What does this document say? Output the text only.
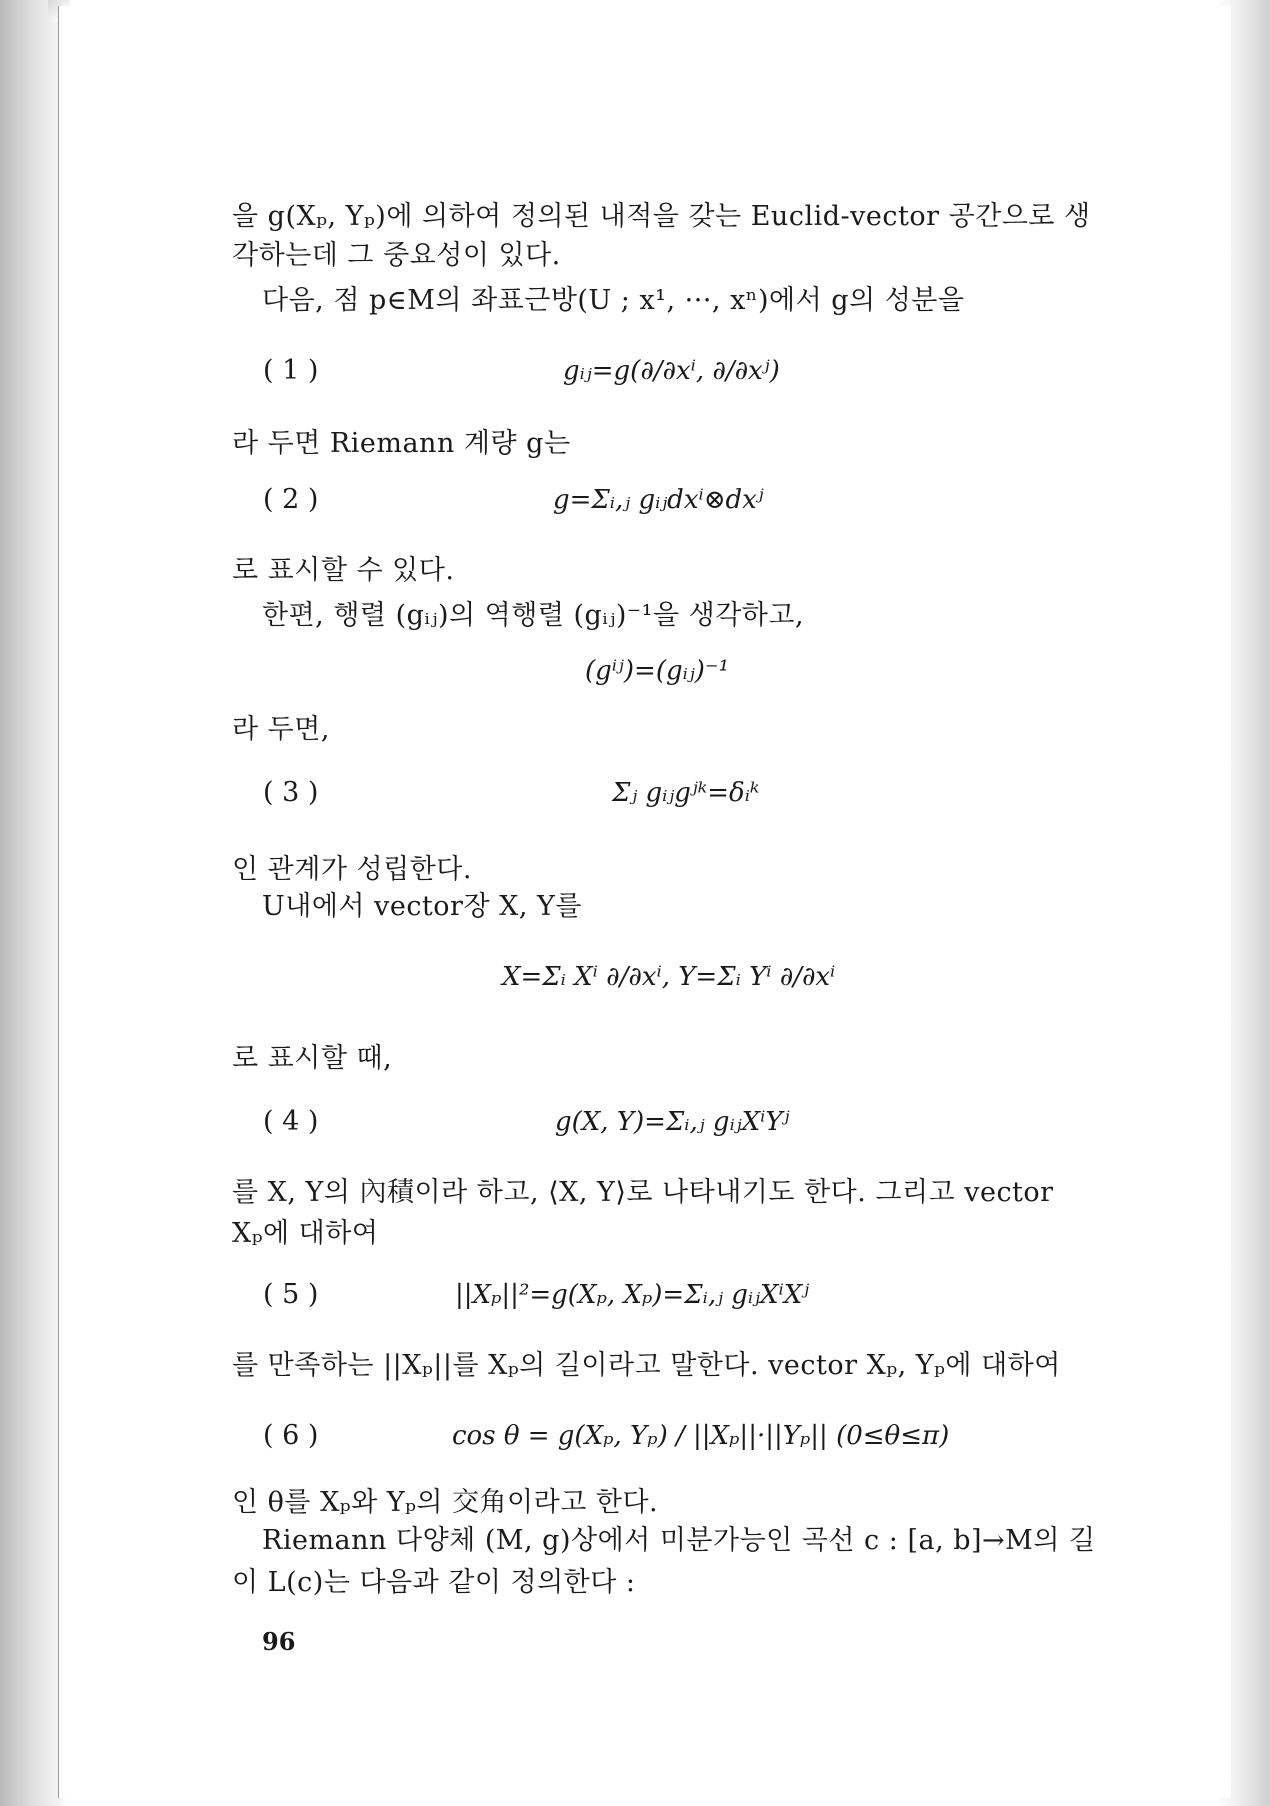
을 g(Xₚ, Yₚ)에 의하여 정의된 내적을 갖는 Euclid-vector 공간으로 생
각하는데 그 중요성이 있다.
다음, 점 p∈M의 좌표근방(U ; x¹, ···, xⁿ)에서 g의 성분을
( 1 )	gᵢⱼ=g(∂/∂xⁱ, ∂/∂xʲ)
라 두면 Riemann 계량 g는
( 2 )	g=Σᵢ,ⱼ gᵢⱼdxⁱ⊗dxʲ
로 표시할 수 있다.
한편, 행렬 (gᵢⱼ)의 역행렬 (gᵢⱼ)⁻¹을 생각하고,
(gⁱʲ)=(gᵢⱼ)⁻¹
라 두면,
( 3 )	Σⱼ gᵢⱼgʲᵏ=δᵢᵏ
인 관계가 성립한다.
U내에서 vector장 X, Y를
X=Σᵢ Xⁱ ∂/∂xⁱ, Y=Σᵢ Yⁱ ∂/∂xⁱ
로 표시할 때,
( 4 )	g(X, Y)=Σᵢ,ⱼ gᵢⱼXⁱYʲ
를 X, Y의 內積이라 하고, ⟨X, Y⟩로 나타내기도 한다. 그리고 vector
Xₚ에 대하여
( 5 )	||Xₚ||²=g(Xₚ, Xₚ)=Σᵢ,ⱼ gᵢⱼXⁱXʲ
를 만족하는 ||Xₚ||를 Xₚ의 길이라고 말한다. vector Xₚ, Yₚ에 대하여
( 6 )	cos θ = g(Xₚ, Yₚ) / ||Xₚ||·||Yₚ|| (0≤θ≤π)
인 θ를 Xₚ와 Yₚ의 交角이라고 한다.
Riemann 다양체 (M, g)상에서 미분가능인 곡선 c : [a, b]→M의 길
이 L(c)는 다음과 같이 정의한다 :
96
